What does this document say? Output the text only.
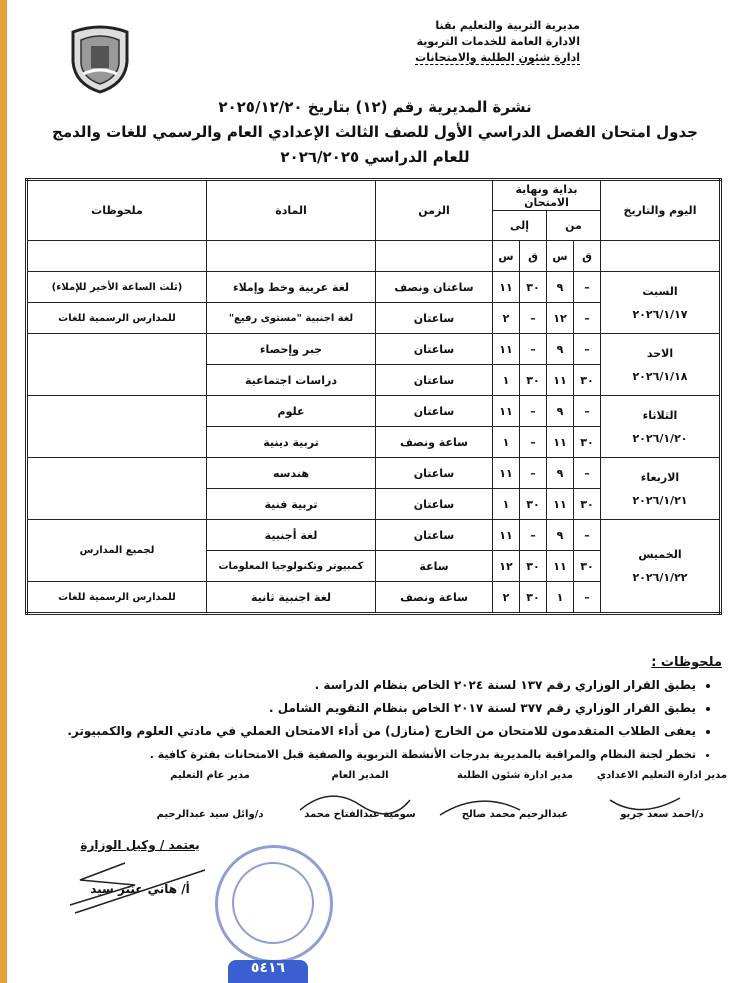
مديرية التربية والتعليم بقنا
الادارة العامة للخدمات التربوية
ادارة شئون الطلبة والامتحانات
نشرة المديرية رقم (١٢) بتاريخ ٢٠٢٥/١٢/٢٠
جدول امتحان الفصل الدراسي الأول للصف الثالث الإعدادي العام والرسمي للغات والدمج
للعام الدراسي ٢٠٢٦/٢٠٢٥
اليوم والتاريخ	بداية ونهاية الامتحان				الزمن	المادة	ملحوظات
	من		إلى				
	ق	س	ق	س			

السبت
٢٠٢٦/١/١٧	–	٩	٣٠	١١	ساعتان ونصف	لغة عربية وخط وإملاء	(ثلث الساعة الأخير للإملاء)
	–	١٢	–	٢	ساعتان	لغة اجنبية "مستوى رفيع"	للمدارس الرسمية للغات

الاحد
٢٠٢٦/١/١٨	–	٩	–	١١	ساعتان	جبر وإحصاء	
	٣٠	١١	٣٠	١	ساعتان	دراسات اجتماعية	

الثلاثاء
٢٠٢٦/١/٢٠	–	٩	–	١١	ساعتان	علوم	
	٣٠	١١	–	١	ساعة ونصف	تربية دينية	

الاربعاء
٢٠٢٦/١/٢١	–	٩	–	١١	ساعتان	هندسه	
	٣٠	١١	٣٠	١	ساعتان	تربية فنية	

الخميس
٢٠٢٦/١/٢٢	–	٩	–	١١	ساعتان	لغة أجنبية	لجميع المدارس
	٣٠	١١	٣٠	١٢	ساعة	كمبيوتر وتكنولوجيا المعلومات	
	–	١	٣٠	٢	ساعة ونصف	لغة اجنبية ثانية	للمدارس الرسمية للغات
ملحوظات :
• يطبق القرار الوزاري رقم ١٣٧ لسنة ٢٠٢٤ الخاص بنظام الدراسة .
• يطبق القرار الوزاري رقم ٣٧٧ لسنة ٢٠١٧ الخاص بنظام التقويم الشامل .
• يعفى الطلاب المتقدمون للامتحان من الخارج (منازل) من أداء الامتحان العملي في مادتي العلوم والكمبيوتر.
• تخطر لجنة النظام والمراقبة بالمديرية بدرجات الأنشطة التربوية والصفية قبل الامتحانات بفترة كافية .
مدير ادارة التعليم الاعدادي
د/احمد سعد جريو
مدير ادارة شئون الطلبة
عبدالرحيم محمد صالح
المدير العام
سومية عبدالفتاح محمد
مدير عام التعليم
د/وائل سيد عبدالرحيم
يعتمد / وكيل الوزارة
أ/ هاني عنتر سيد
٥٤١٦
